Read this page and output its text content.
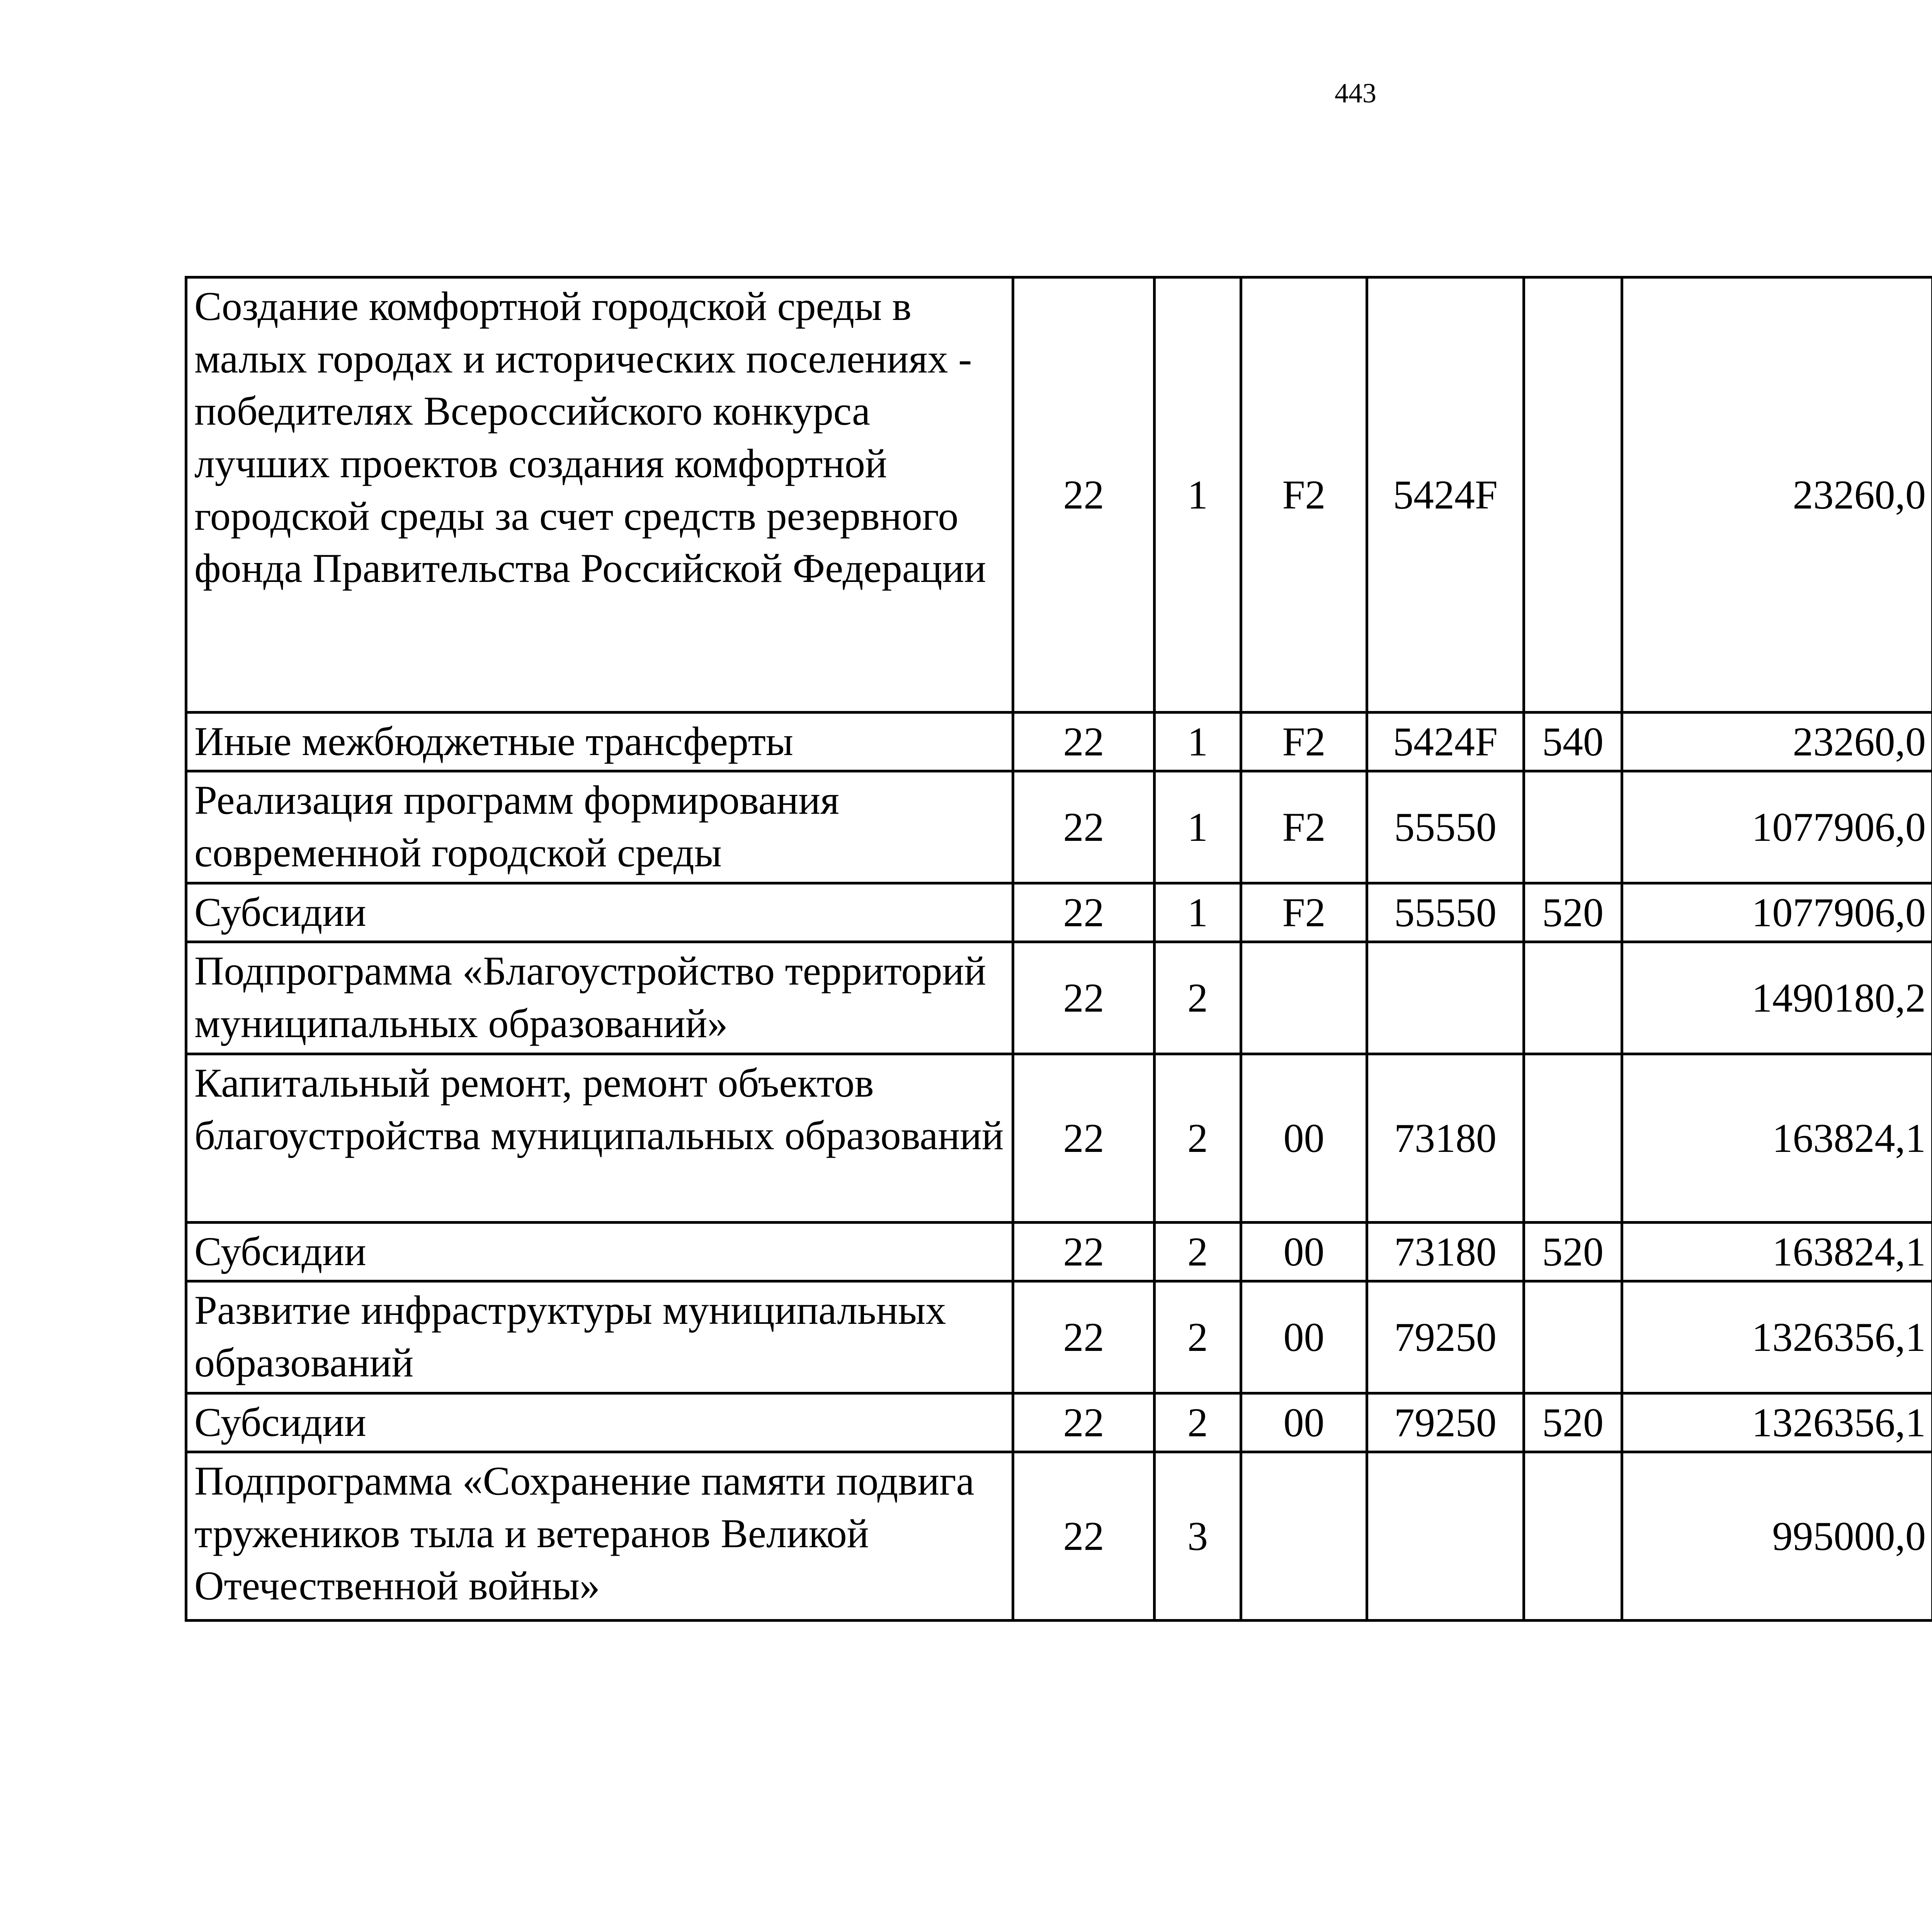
443
Создание комфортной городской среды в малых городах и исторических поселениях - победителях Всероссийского конкурса лучших проектов создания комфортной городской среды за счет средств резервного фонда Правительства Российской Федерации	22	1	F2	5424F		23260,0		
Иные межбюджетные трансферты	22	1	F2	5424F	540	23260,0		
Реализация программ формирования современной городской среды	22	1	F2	55550		1077906,0		
Субсидии	22	1	F2	55550	520	1077906,0		
Подпрограмма «Благоустройство территорий муниципальных образований»	22	2				1490180,2		
Капитальный ремонт, ремонт объектов благоустройства муниципальных образований	22	2	00	73180		163824,1		
Субсидии	22	2	00	73180	520	163824,1		
Развитие инфраструктуры муниципальных образований	22	2	00	79250		1326356,1		
Субсидии	22	2	00	79250	520	1326356,1		
Подпрограмма «Сохранение памяти подвига тружеников тыла и ветеранов Великой Отечественной войны»	22	3				995000,0		
